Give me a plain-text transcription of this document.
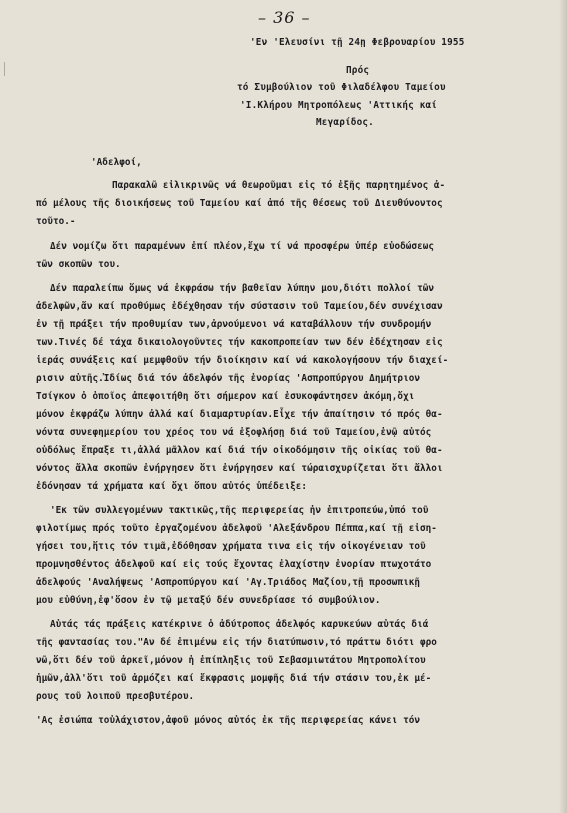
– 36 –
'Εν 'Ελευσίνι τῇ 24ῃ Φεβρουαρίου 1955
Πρός
τό Συμβούλιον τοῦ Φιλαδέλφου Ταμείου
'Ι.Κλήρου Μητροπόλεως 'Αττικής καί
Μεγαρίδος.
'Αδελφοί,
Παρακαλῶ εἰλικρινῶς νά θεωροῦμαι εἰς τό ἑξῆς παρητημένος ἀ-
πό μέλους τῆς διοικήσεως τοῦ Ταμείου καί ἀπό τῆς θέσεως τοῦ Διευθύνοντος
τοῦτο.-
Δέν νομίζω ὅτι παραμένων ἐπί πλέον,ἔχω τί νά προσφέρω ὑπέρ εὐοδώσεως
τῶν σκοπῶν του.
Δέν παραλείπω ὅμως νά ἐκφράσω τήν βαθεῖαν λύπην μου,διότι πολλοί τῶν
ἀδελφῶν,ἄν καί προθύμως ἐδέχθησαν τήν σύστασιν τοῦ Ταμείου,δέν συνέχισαν
ἐν τῇ πράξει τήν προθυμίαν των,ἀρνούμενοι νά καταβάλλουν τήν συνδρομήν
των.Τινές δέ τάχα δικαιολογοῦντες τήν κακοπροπείαν των δέν ἐδέχτησαν εἰς
ἱεράς συνάξεις καί μεμφθοῦν τήν διοίκησιν καί νά κακολογήσουν τήν διαχεί-
ρισιν αὐτῆς.Ἰδίως διά τόν ἀδελφόν τῆς ἐνορίας 'Ασπροπύργου Δημήτριον
Τσίγκον ὁ ὁποῖος ἀπεφοιτήθη ὅτι σήμερον καί ἐσυκοφάντησεν ἀκόμη,ὄχι
μόνον ἐκφράζω λύπην ἀλλά καί διαμαρτυρίαν.Εἶχε τήν ἀπαίτησιν τό πρός θα-
νόντα συνεφημερίου του χρέος του νά ἐξοφλήσῃ διά τοῦ Ταμείου,ἐνῷ αὐτός
οὐδόλως ἔπραξε τι,ἀλλά μᾶλλον καί διά τήν οἰκοδόμησιν τῆς οἰκίας τοῦ θα-
νόντος ἄλλα σκοπῶν ἐνήργησεν ὅτι ἐνήργησεν καί τώραισχυρίζεται ὅτι ἄλλοι
ἐδόνησαν τά χρήματα καί ὄχι ὅπου αὐτός ὑπέδειξε:
'Εκ τῶν συλλεγομένων τακτικῶς,τῆς περιφερείας ἡν ἐπιτροπεύω,ὑπό τοῦ
φιλοτίμως πρός τοῦτο ἐργαζομένου ἀδελφοῦ 'Αλεξάνδρου Πέππα,καί τῇ εἰση-
γήσει του,ἥτις τόν τιμᾶ,ἐδόθησαν χρήματα τινα εἰς τήν οἰκογένειαν τοῦ
προμνησθέντος ἀδελφοῦ καί εἰς τούς ἔχοντας ἐλαχίστην ἐνορίαν πτωχοτάτο
ἀδελφούς 'Αναλήψεως 'Ασπροπύργου καί 'Αγ.Τριάδος Μαζίου,τῇ προσωπικῇ
μου εὐθύνη,ἐφ'ὅσον ἐν τῷ μεταξύ δέν συνεδρίασε τό συμβούλιον.
Αὐτάς τάς πράξεις κατέκρινε ὁ ἀδύτροπος ἀδελφός καρυκεύων αὐτάς διά
τῆς φαντασίας του."Αν δέ ἐπιμένω εἰς τήν διατύπωσιν,τό πράττω διότι φρο
νῶ,ὅτι δέν τοῦ ἀρκεῖ,μόνον ἡ ἐπίπληξις τοῦ Σεβασμιωτάτου Μητροπολίτου
ἡμῶν,ἀλλ'ὅτι τοῦ ἁρμόζει καί ἔκφρασις μομφῆς διά τήν στάσιν του,ἐκ μέ-
ρους τοῦ λοιποῦ πρεσβυτέρου.
'Ας ἐσιώπα τοὐλάχιστον,ἀφοῦ μόνος αὐτός ἐκ τῆς περιφερείας κάνει τόν
